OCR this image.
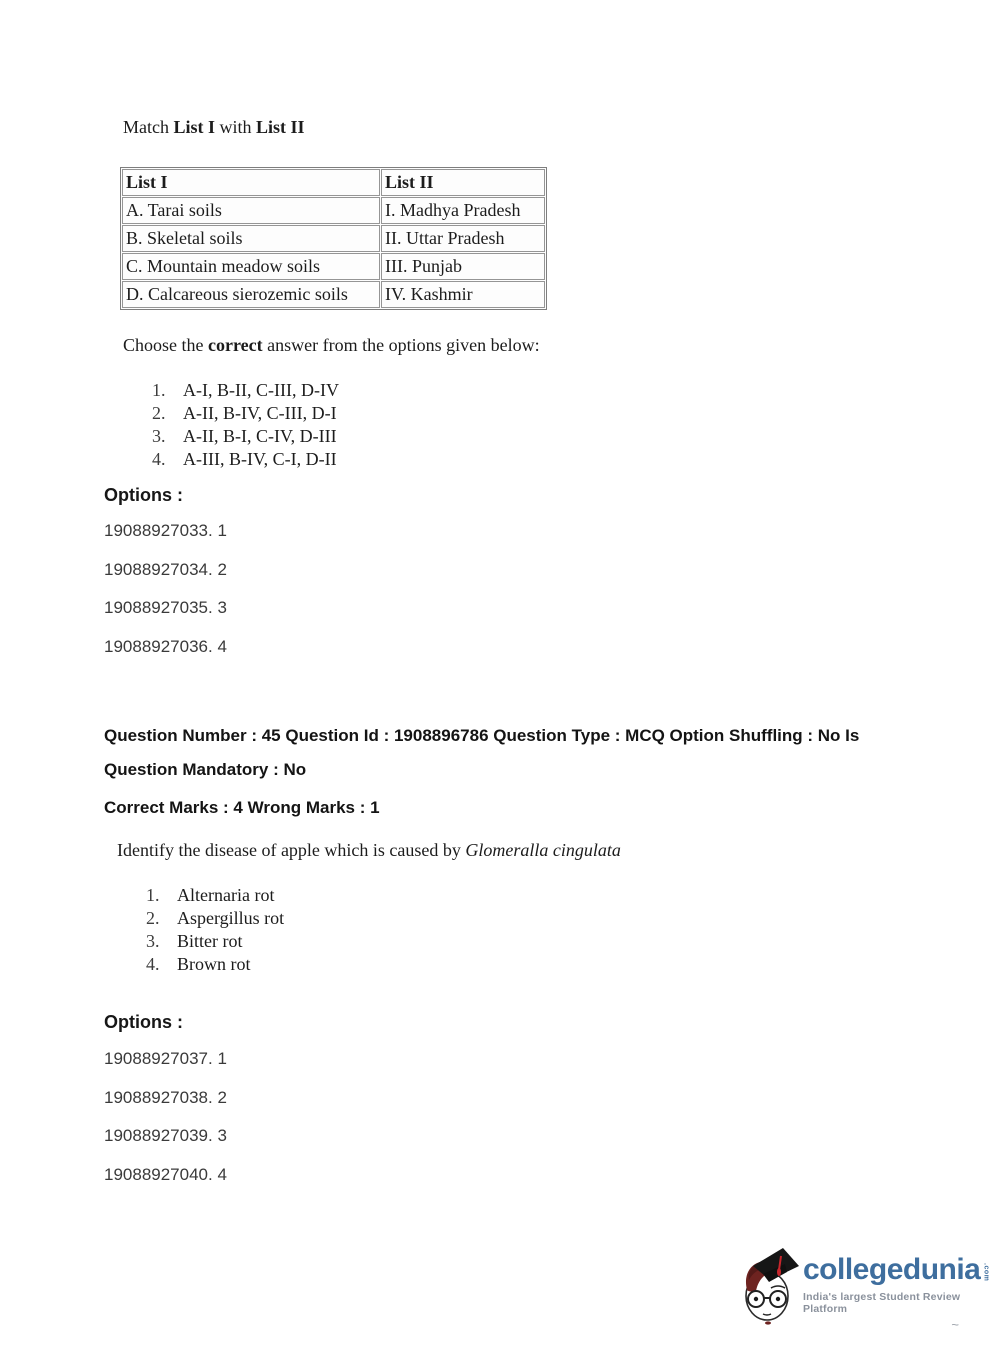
Match List I with List II
List I	List II
A. Tarai soils	I. Madhya Pradesh
B. Skeletal soils	II. Uttar Pradesh
C. Mountain meadow soils	III. Punjab
D. Calcareous sierozemic soils	IV. Kashmir
Choose the correct answer from the options given below:
1. A-I, B-II, C-III, D-IV
2. A-II, B-IV, C-III, D-I
3. A-II, B-I, C-IV, D-III
4. A-III, B-IV, C-I, D-II
Options :
19088927033. 1
19088927034. 2
19088927035. 3
19088927036. 4
Question Number : 45 Question Id : 1908896786 Question Type : MCQ Option Shuffling : No Is
Question Mandatory : No
Correct Marks : 4 Wrong Marks : 1
Identify the disease of apple which is caused by Glomeralla cingulata
1. Alternaria rot
2. Aspergillus rot
3. Bitter rot
4. Brown rot
Options :
19088927037. 1
19088927038. 2
19088927039. 3
19088927040. 4
collegedunia .com
India's largest Student Review Platform
~
